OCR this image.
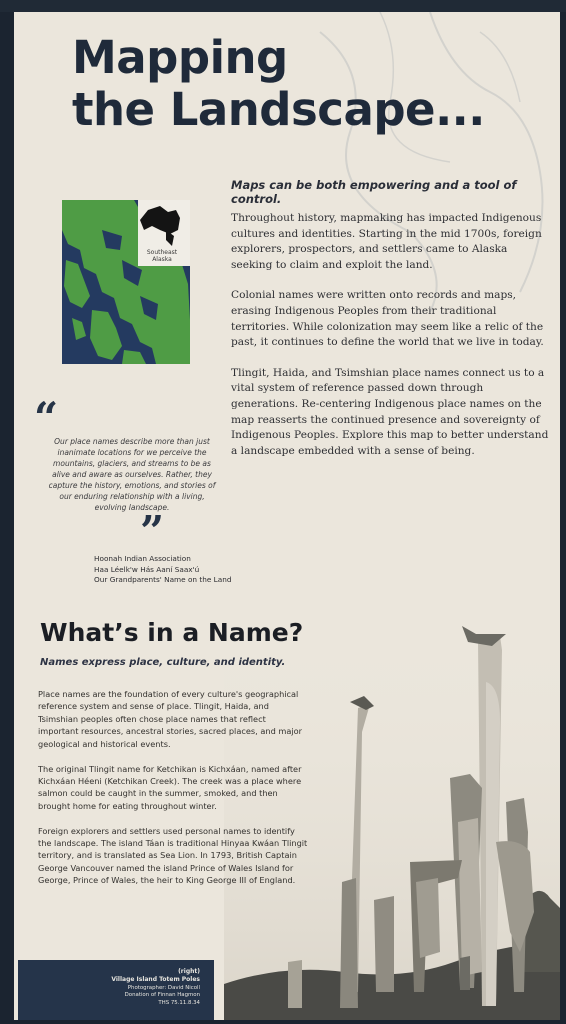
Mapping
the Landscape...
Maps can be both empowering and a tool of control.

Throughout history, mapmaking has impacted Indigenous cultures and identities. Starting in the mid 1700s, foreign explorers, prospectors, and settlers came to Alaska seeking to claim and exploit the land.

Colonial names were written onto records and maps, erasing Indigenous Peoples from their traditional territories. While colonization may seem like a relic of the past, it continues to define the world that we live in today.

Tlingit, Haida, and Tsimshian place names connect us to a vital system of reference passed down through generations. Re-centering Indigenous place names on the map reasserts the continued presence and sovereignty of Indigenous Peoples. Explore this map to better understand a landscape embedded with a sense of being.

Southeast
Alaska
“
Our place names describe more than just inanimate locations for we perceive the mountains, glaciers, and streams to be as alive and aware as ourselves. Rather, they capture the history, emotions, and stories of our enduring relationship with a living, evolving landscape.
”
Hoonah Indian Association
Haa Léelk'w Hás Aaní Saax'ú
Our Grandparents' Name on the Land
What’s in a Name?
Names express place, culture, and identity.

Place names are the foundation of every culture's geographical reference system and sense of place. Tlingit, Haida, and Tsimshian peoples often chose place names that reflect important resources, ancestral stories, sacred places, and major geological and historical events.

The original Tlingit name for Ketchikan is Kichxáan, named after Kichxáan Héeni (Ketchikan Creek). The creek was a place where salmon could be caught in the summer, smoked, and then brought home for eating throughout winter.

Foreign explorers and settlers used personal names to identify the landscape. The island Táan is traditional Hinyaa Kwáan Tlingit territory, and is translated as Sea Lion. In 1793, British Captain George Vancouver named the island Prince of Wales Island for George, Prince of Wales, the heir to King George III of England.

(right)
Village Island Totem Poles
Photographer: David Nicoll
Donation of Finnan Hagmon
THS 75.11.8.34
